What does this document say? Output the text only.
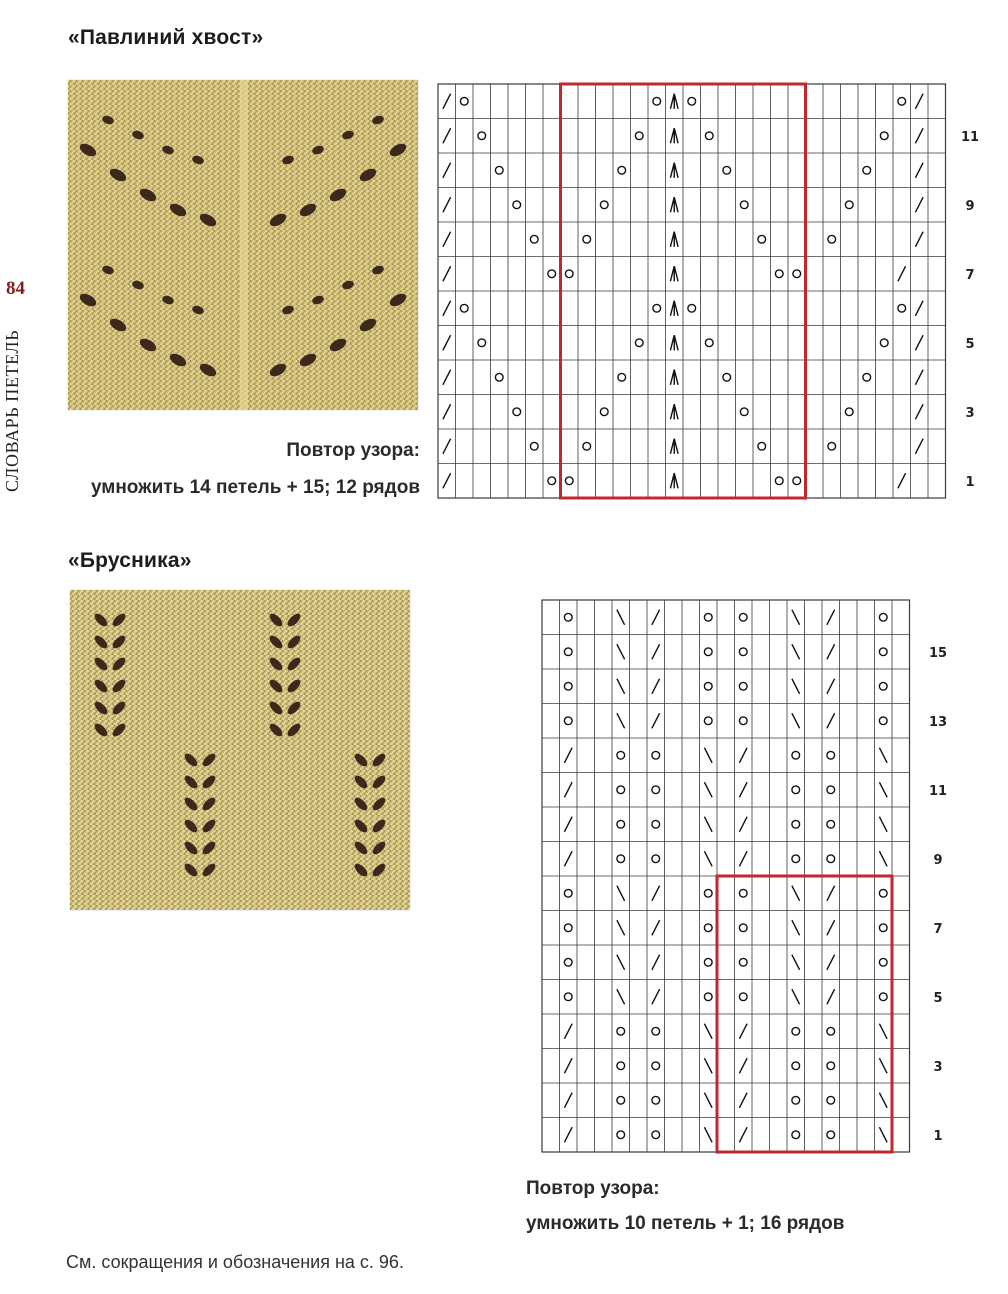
84
СЛОВАРЬ ПЕТЕЛЬ
«Павлиний хвост»
Повтор узора:
умножить 14 петель + 15; 12 рядов	1
3
5
7
9
11
«Брусника»
1
3
5
7
9
11
13
15
Повтор узора:
умножить 10 петель + 1; 16 рядов
См. сокращения и обозначения на с. 96.
